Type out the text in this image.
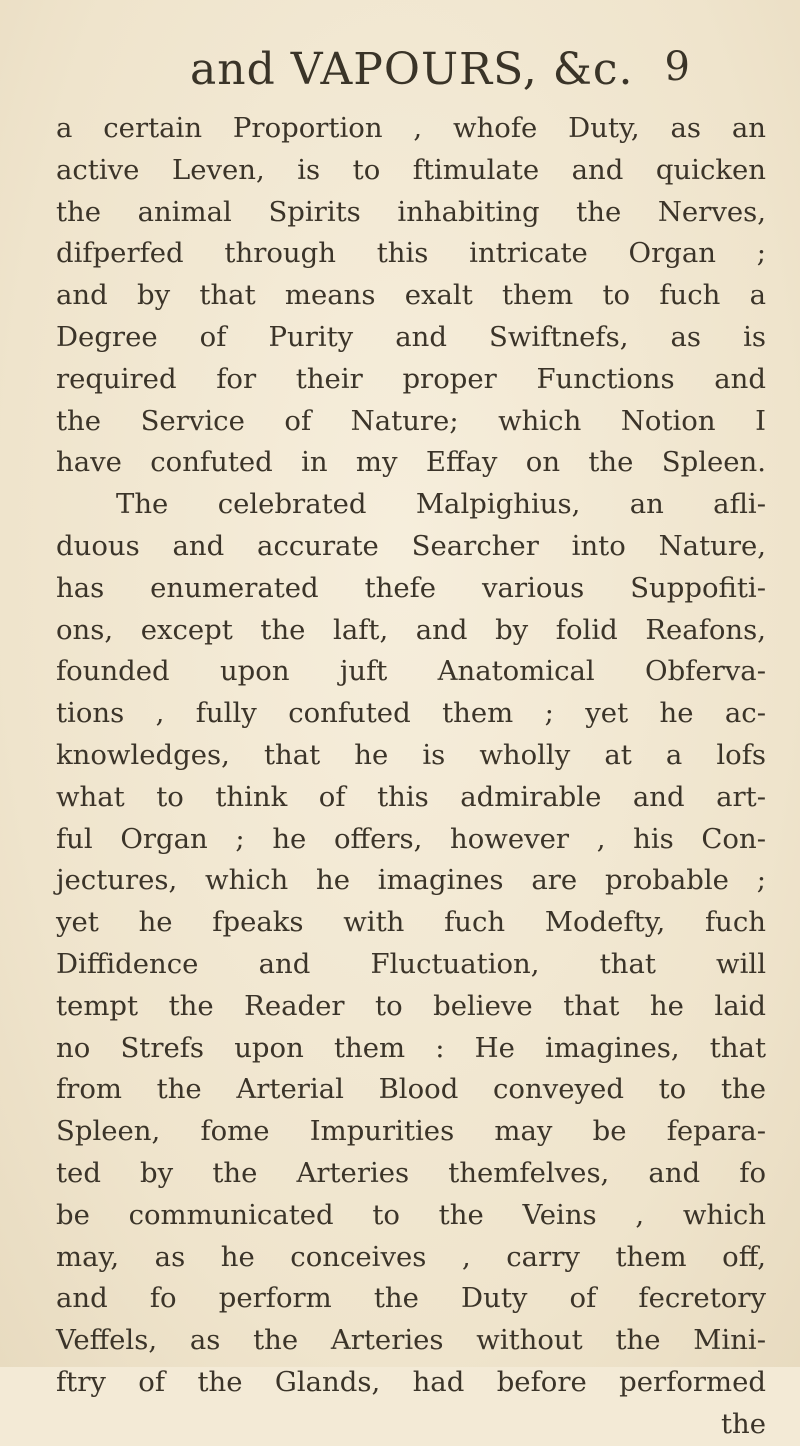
and VAPOURS, &c. 9
a certain Proportion , whofe Duty, as an
active Leven, is to ftimulate and quicken
the animal Spirits inhabiting the Nerves,
difperfed through this intricate Organ ;
and by that means exalt them to fuch a
Degree of Purity and Swiftnefs, as is
required for their proper Functions and
the Service of Nature; which Notion I
have confuted in my Effay on the Spleen.
The celebrated Malpighius, an afli-
duous and accurate Searcher into Nature,
has enumerated thefe various Suppofiti-
ons, except the laft, and by folid Reafons,
founded upon juft Anatomical Obferva-
tions , fully confuted them ; yet he ac-
knowledges, that he is wholly at a lofs
what to think of this admirable and art-
ful Organ ; he offers, however , his Con-
jectures, which he imagines are probable ;
yet he fpeaks with fuch Modefty, fuch
Diffidence and Fluctuation, that will
tempt the Reader to believe that he laid
no Strefs upon them : He imagines, that
from the Arterial Blood conveyed to the
Spleen, fome Impurities may be fepara-
ted by the Arteries themfelves, and fo
be communicated to the Veins , which
may, as he conceives , carry them off,
and fo perform the Duty of fecretory
Veffels, as the Arteries without the Mini-
ftry of the Glands, had before performed
the
